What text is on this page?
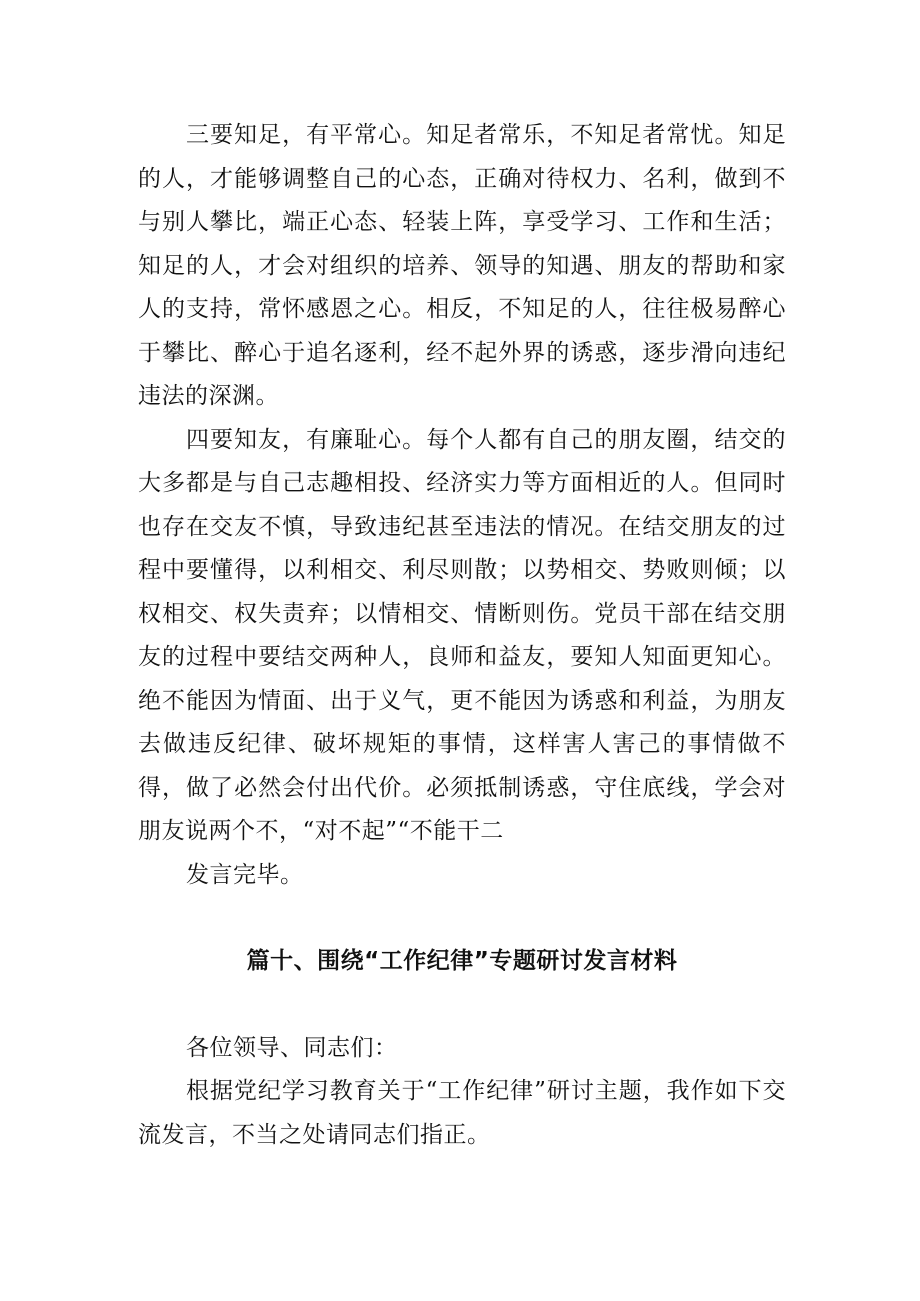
三要知足，有平常心。知足者常乐，不知足者常忧。知足的人，才能够调整自己的心态，正确对待权力、名利，做到不与别人攀比，端正心态、轻装上阵，享受学习、工作和生活；知足的人，才会对组织的培养、领导的知遇、朋友的帮助和家人的支持，常怀感恩之心。相反，不知足的人，往往极易醉心于攀比、醉心于追名逐利，经不起外界的诱惑，逐步滑向违纪违法的深渊。

四要知友，有廉耻心。每个人都有自己的朋友圈，结交的大多都是与自己志趣相投、经济实力等方面相近的人。但同时也存在交友不慎，导致违纪甚至违法的情况。在结交朋友的过程中要懂得，以利相交、利尽则散；以势相交、势败则倾；以权相交、权失责弃；以情相交、情断则伤。党员干部在结交朋友的过程中要结交两种人，良师和益友，要知人知面更知心。绝不能因为情面、出于义气，更不能因为诱惑和利益，为朋友去做违反纪律、破坏规矩的事情，这样害人害己的事情做不得，做了必然会付出代价。必须抵制诱惑，守住底线，学会对朋友说两个不，“对不起”“不能干二

发言完毕。

篇十、围绕“工作纪律”专题研讨发言材料

各位领导、同志们：

根据党纪学习教育关于“工作纪律”研讨主题，我作如下交流发言，不当之处请同志们指正。
